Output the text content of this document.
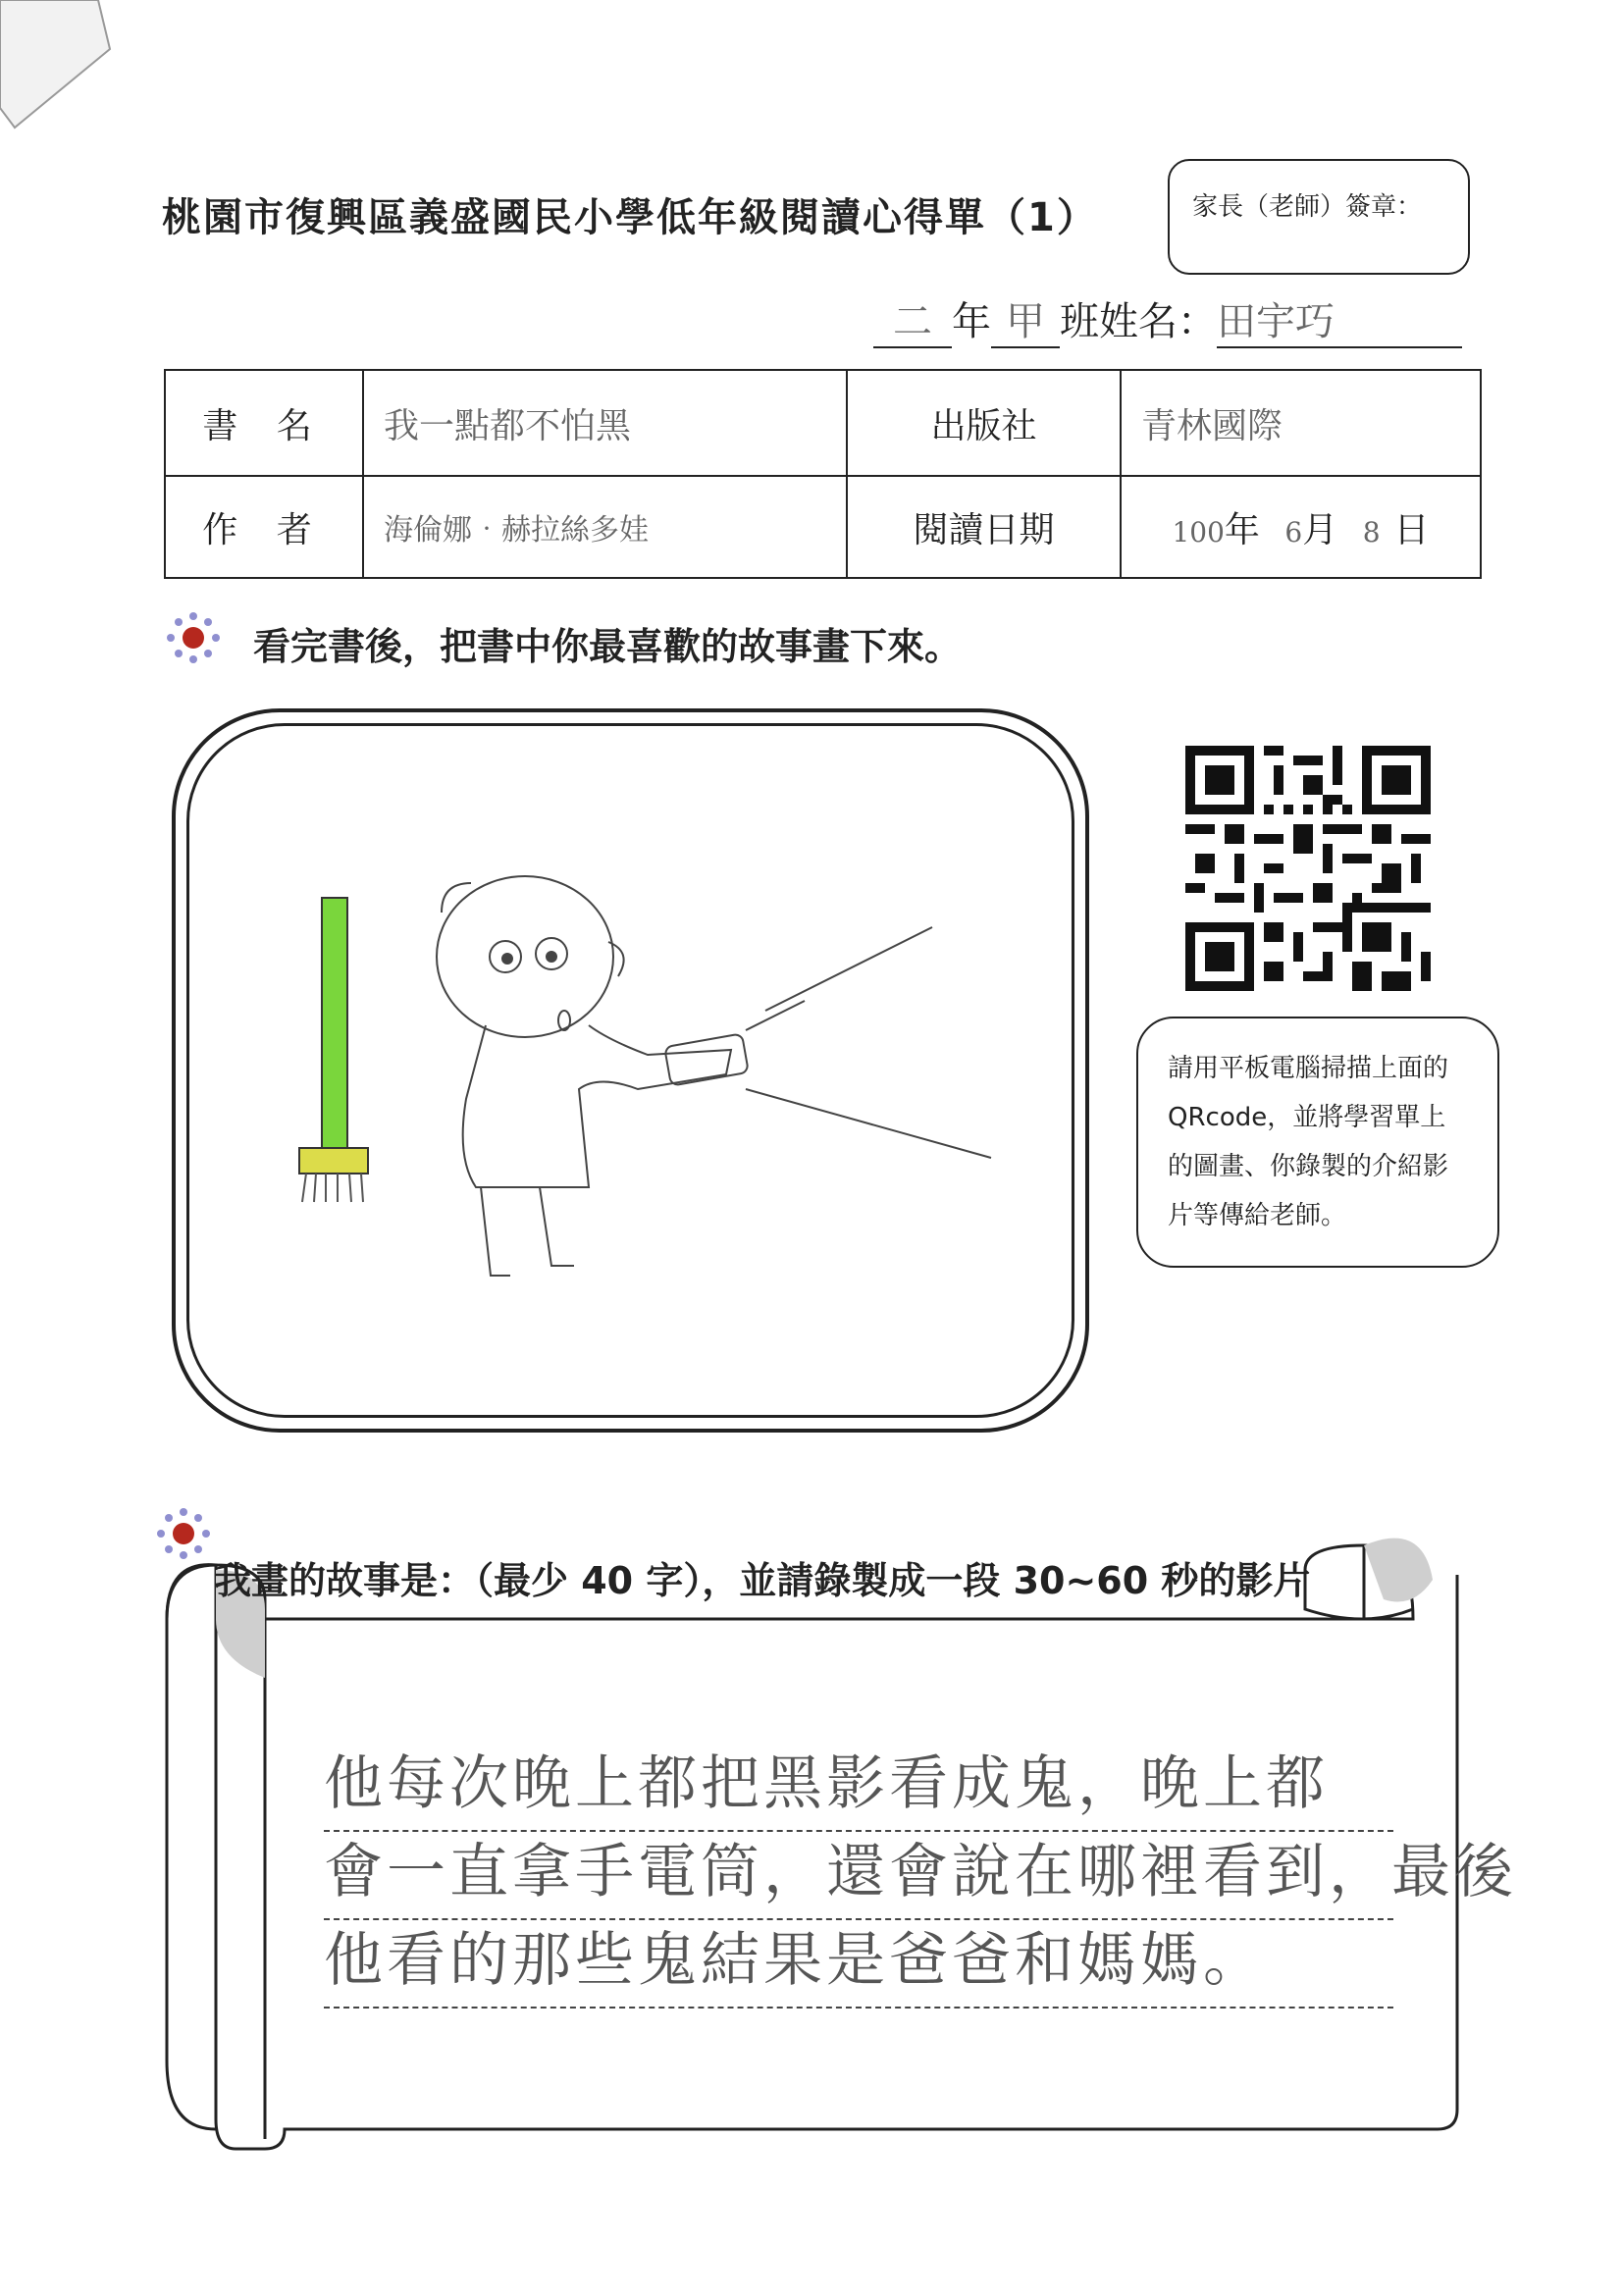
桃園市復興區義盛國民小學低年級閱讀心得單（1）	家長（老師）簽章：
二 年 甲 班姓名：田宇巧
書 名	我一點都不怕黑	出版社	青林國際
作 者	海倫娜‧赫拉絲多娃	閱讀日期	100年 6月 8 日
看完書後，把書中你最喜歡的故事畫下來。
請用平板電腦掃描上面的 QRcode，並將學習單上的圖畫、你錄製的介紹影片等傳給老師。
我畫的故事是：（最少 40 字），並請錄製成一段 30~60 秒的影片
他每次晚上都把黑影看成鬼，晚上都
會一直拿手電筒，還會說在哪裡看到，最後
他看的那些鬼結果是爸爸和媽媽。
